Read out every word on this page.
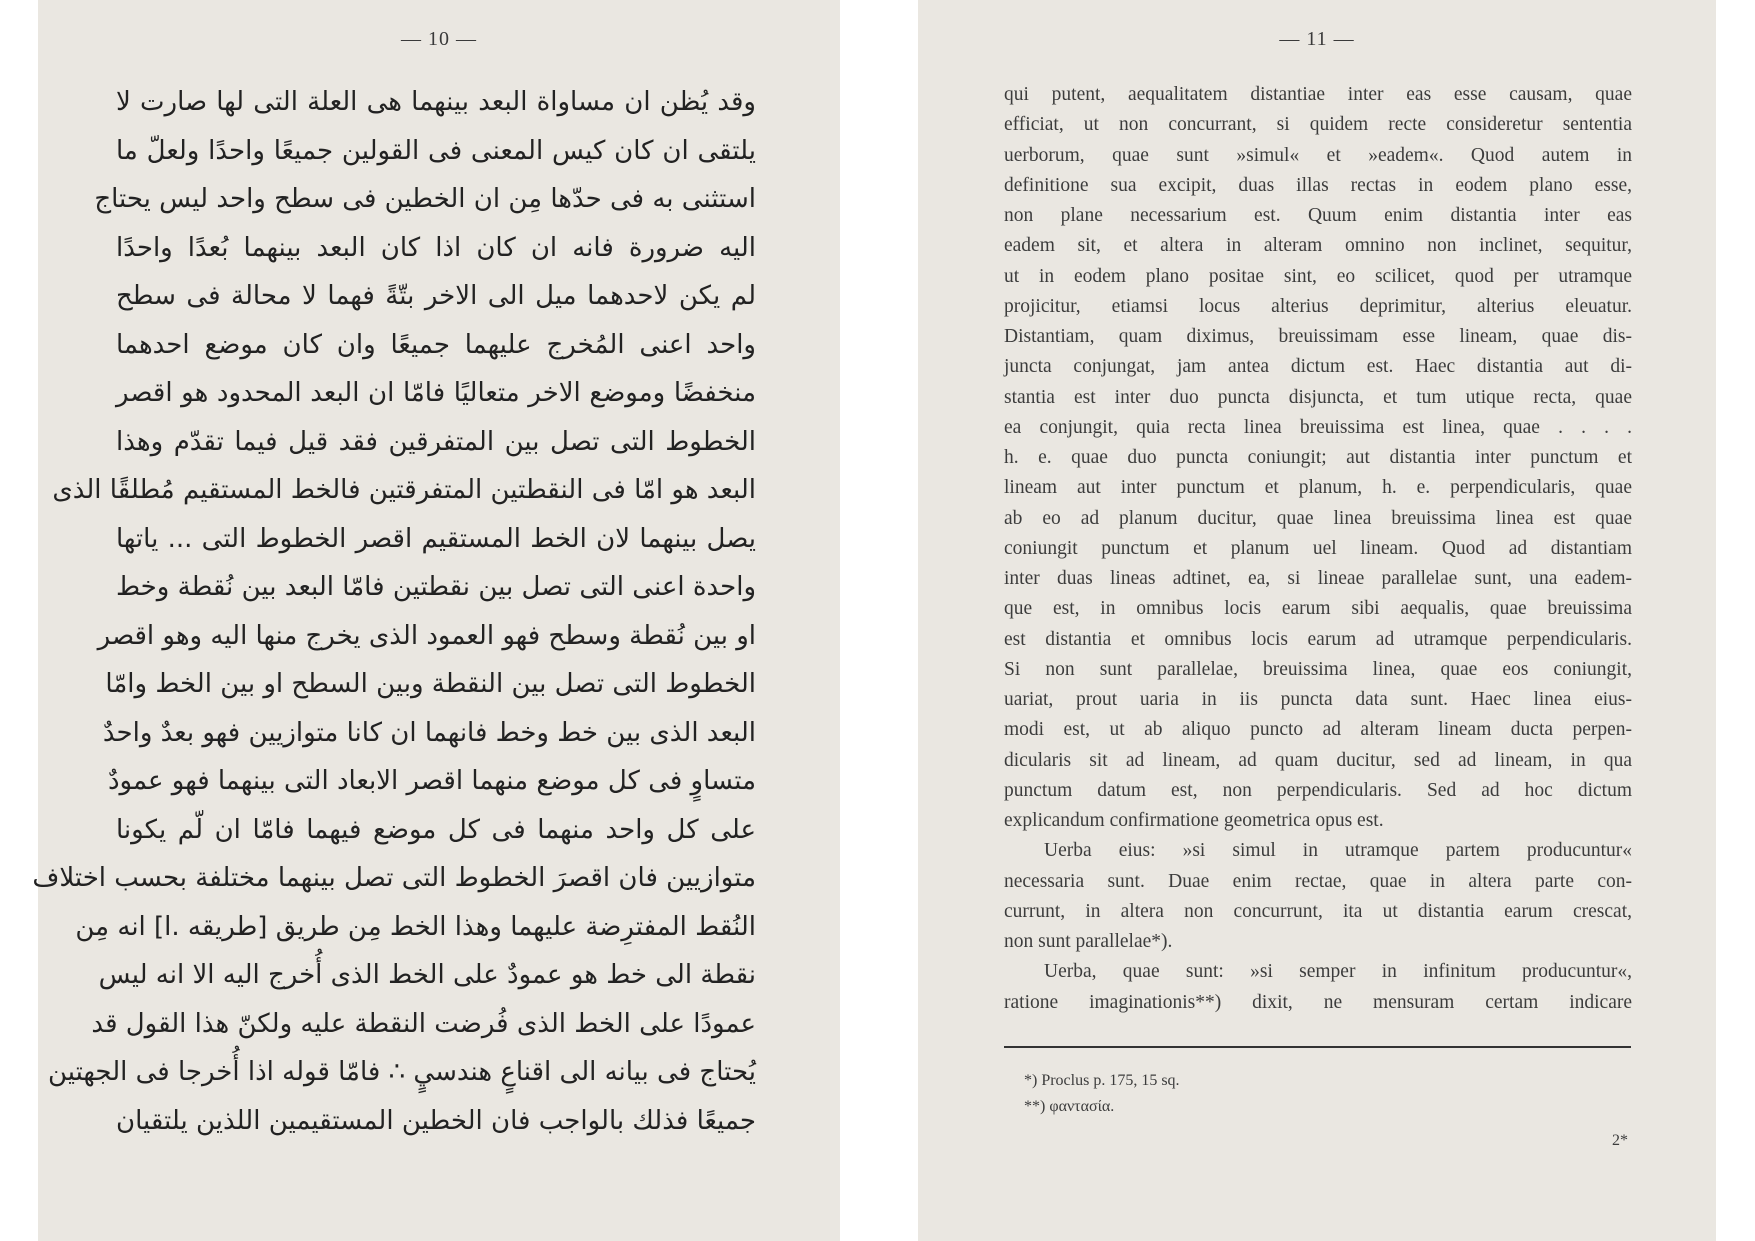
— 10 —
وقد يُظن ان مساواة البعد بينهما هى العلة التى لها صارت لا
يلتقى ان كان كيس المعنى فى القولين جميعًا واحدًا ولعلّ ما
استثنى به فى حدّها مِن ان الخطين فى سطح واحد ليس يحتاج
اليه ضرورة فانه ان كان اذا كان البعد بينهما بُعدًا واحدًا
لم يكن لاحدهما ميل الى الاخر بتّةً فهما لا محالة فى سطح
واحد اعنى المُخرج عليهما جميعًا وان كان موضع احدهما
منخفضًا وموضع الاخر متعاليًا فامّا ان البعد المحدود هو اقصر
الخطوط التى تصل بين المتفرقين فقد قيل فيما تقدّم وهذا
البعد هو امّا فى النقطتين المتفرقتين فالخط المستقيم مُطلقًا الذى
يصل بينهما لان الخط المستقيم اقصر الخطوط التى ... ياتها
واحدة اعنى التى تصل بين نقطتين فامّا البعد بين نُقطة وخط
او بين نُقطة وسطح فهو العمود الذى يخرج منها اليه وهو اقصر
الخطوط التى تصل بين النقطة وبين السطح او بين الخط وامّا
البعد الذى بين خط وخط فانهما ان كانا متوازيين فهو بعدٌ واحدٌ
متساوٍ فى كل موضع منهما اقصر الابعاد التى بينهما فهو عمودٌ
على كل واحد منهما فى كل موضع فيهما فامّا ان لّم يكونا
متوازيين فان اقصرَ الخطوط التى تصل بينهما مختلفة بحسب اختلاف
النُقط المفترِضة عليهما وهذا الخط مِن طريق [طريقه .ا] انه مِن
نقطة الى خط هو عمودٌ على الخط الذى أُخرج اليه الا انه ليس
عمودًا على الخط الذى فُرضت النقطة عليه ولكنّ هذا القول قد
يُحتاج فى بيانه الى اقناعٍ هندسيٍ ∴ فامّا قوله اذا أُخرجا فى الجهتين
جميعًا فذلك بالواجب فان الخطين المستقيمين اللذين يلتقيان
— 11 —
qui putent, aequalitatem distantiae inter eas esse causam, quae
efficiat, ut non concurrant, si quidem recte consideretur sententia
uerborum, quae sunt »simul« et »eadem«. Quod autem in
definitione sua excipit, duas illas rectas in eodem plano esse,
non plane necessarium est. Quum enim distantia inter eas
eadem sit, et altera in alteram omnino non inclinet, sequitur,
ut in eodem plano positae sint, eo scilicet, quod per utramque
projicitur, etiamsi locus alterius deprimitur, alterius eleuatur.
Distantiam, quam diximus, breuissimam esse lineam, quae dis-
juncta conjungat, jam antea dictum est. Haec distantia aut di-
stantia est inter duo puncta disjuncta, et tum utique recta, quae
ea conjungit, quia recta linea breuissima est linea, quae . . . .
h. e. quae duo puncta coniungit; aut distantia inter punctum et
lineam aut inter punctum et planum, h. e. perpendicularis, quae
ab eo ad planum ducitur, quae linea breuissima linea est quae
coniungit punctum et planum uel lineam. Quod ad distantiam
inter duas lineas adtinet, ea, si lineae parallelae sunt, una eadem-
que est, in omnibus locis earum sibi aequalis, quae breuissima
est distantia et omnibus locis earum ad utramque perpendicularis.
Si non sunt parallelae, breuissima linea, quae eos coniungit,
uariat, prout uaria in iis puncta data sunt. Haec linea eius-
modi est, ut ab aliquo puncto ad alteram lineam ducta perpen-
dicularis sit ad lineam, ad quam ducitur, sed ad lineam, in qua
punctum datum est, non perpendicularis. Sed ad hoc dictum
explicandum confirmatione geometrica opus est.
Uerba eius: »si simul in utramque partem producuntur«
necessaria sunt. Duae enim rectae, quae in altera parte con-
currunt, in altera non concurrunt, ita ut distantia earum crescat,
non sunt parallelae*).
Uerba, quae sunt: »si semper in infinitum producuntur«,
ratione imaginationis**) dixit, ne mensuram certam indicare
*) Proclus p. 175, 15 sq.
**) φαντασία.
2*
